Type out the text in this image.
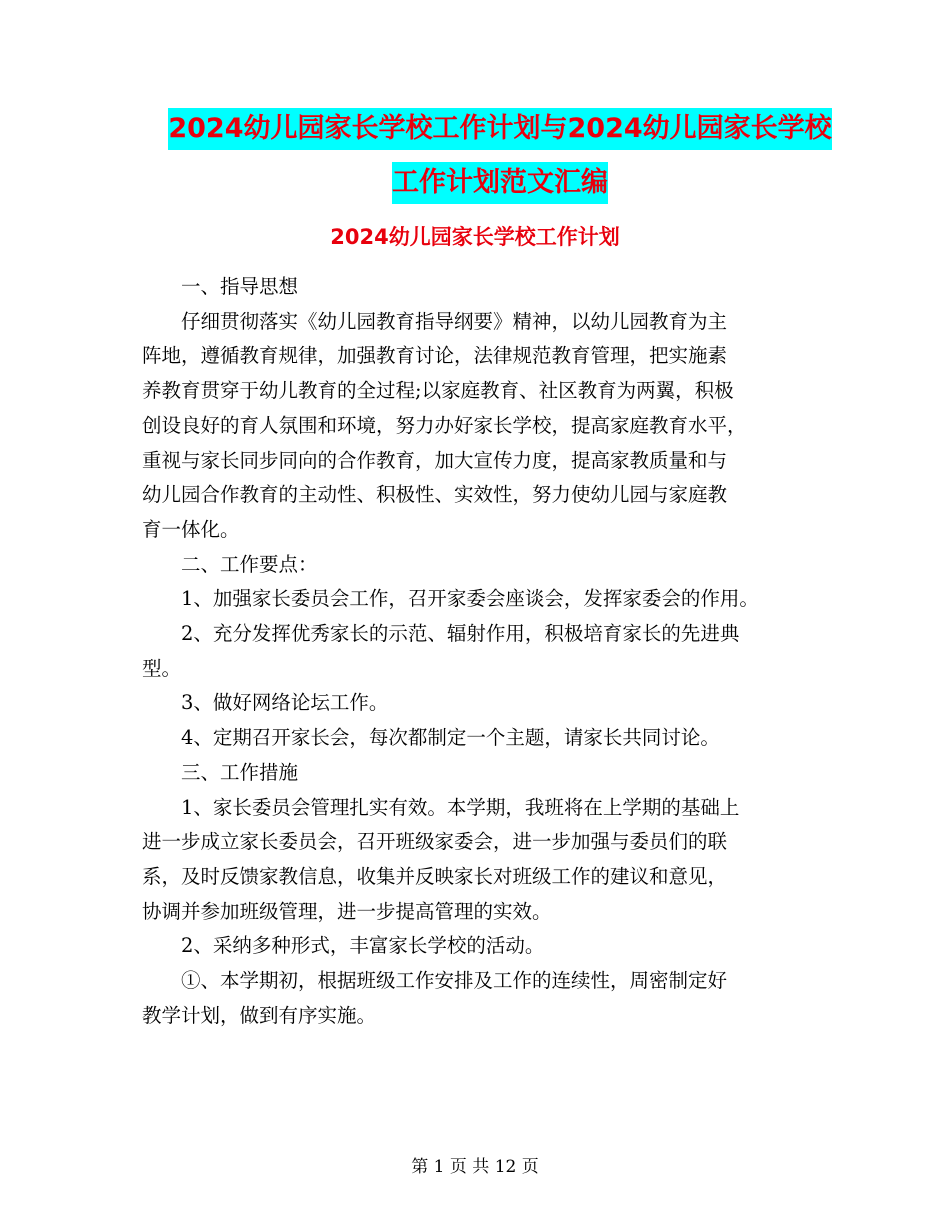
2024幼儿园家长学校工作计划与2024幼儿园家长学校
工作计划范文汇编
2024幼儿园家长学校工作计划

一、指导思想

仔细贯彻落实《幼儿园教育指导纲要》精神，以幼儿园教育为主
阵地，遵循教育规律，加强教育讨论，法律规范教育管理，把实施素
养教育贯穿于幼儿教育的全过程;以家庭教育、社区教育为两翼，积极
创设良好的育人氛围和环境，努力办好家长学校，提高家庭教育水平，
重视与家长同步同向的合作教育，加大宣传力度，提高家教质量和与
幼儿园合作教育的主动性、积极性、实效性，努力使幼儿园与家庭教
育一体化。

二、工作要点：

1、加强家长委员会工作，召开家委会座谈会，发挥家委会的作用。

2、充分发挥优秀家长的示范、辐射作用，积极培育家长的先进典
型。

3、做好网络论坛工作。

4、定期召开家长会，每次都制定一个主题，请家长共同讨论。

三、工作措施

1、家长委员会管理扎实有效。本学期，我班将在上学期的基础上
进一步成立家长委员会，召开班级家委会，进一步加强与委员们的联
系，及时反馈家教信息，收集并反映家长对班级工作的建议和意见，
协调并参加班级管理，进一步提高管理的实效。

2、采纳多种形式，丰富家长学校的活动。

①、本学期初，根据班级工作安排及工作的连续性，周密制定好
教学计划，做到有序实施。

第 1 页 共 12 页
